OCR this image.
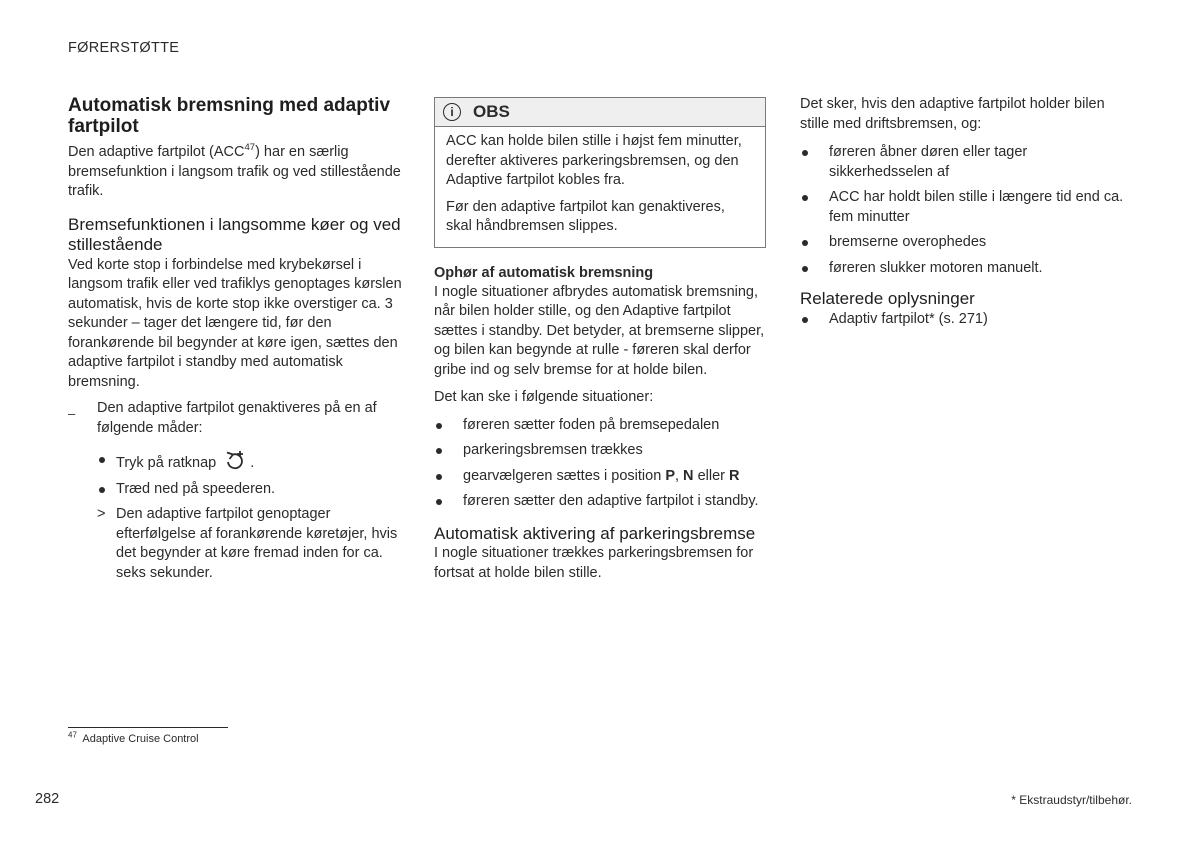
FØRERSTØTTE
Automatisk bremsning med adaptiv fartpilot

Den adaptive fartpilot (ACC$^{47}$) har en særlig bremsefunktion i langsom trafik og ved stillestående trafik.

Bremsefunktionen i langsomme køer og ved stillestående

Ved korte stop i forbindelse med krybekørsel i langsom trafik eller ved trafiklys genoptages kørslen automatisk, hvis de korte stop ikke overstiger ca. 3 sekunder – tager det længere tid, før den forankørende bil begynder at køre igen, sættes den adaptive fartpilot i standby med automatisk bremsning.

– Den adaptive fartpilot genaktiveres på en af følgende måder:
Tryk på ratknap .
Træd ned på speederen.
> Den adaptive fartpilot genoptager efterfølgelse af forankørende køretøjer, hvis det begynder at køre fremad inden for ca. seks sekunder.
i	OBS

ACC kan holde bilen stille i højst fem minutter, derefter aktiveres parkeringsbremsen, og den Adaptive fartpilot kobles fra.

Før den adaptive fartpilot kan genaktiveres, skal håndbremsen slippes.

Ophør af automatisk bremsning

I nogle situationer afbrydes automatisk bremsning, når bilen holder stille, og den Adaptive fartpilot sættes i standby. Det betyder, at bremserne slipper, og bilen kan begynde at rulle - føreren skal derfor gribe ind og selv bremse for at holde bilen.

Det kan ske i følgende situationer:

føreren sætter foden på bremsepedalen
parkeringsbremsen trækkes
gearvælgeren sættes i position P, N eller R
føreren sætter den adaptive fartpilot i standby.
Automatisk aktivering af parkeringsbremse

I nogle situationer trækkes parkeringsbremsen for fortsat at holde bilen stille.

Det sker, hvis den adaptive fartpilot holder bilen stille med driftsbremsen, og:

føreren åbner døren eller tager sikkerhedsselen af
ACC har holdt bilen stille i længere tid end ca. fem minutter
bremserne overophedes
føreren slukker motoren manuelt.
Relaterede oplysninger
Adaptiv fartpilot* (s. 271)
$^{47}$ Adaptive Cruise Control
282	* Ekstraudstyr/tilbehør.
